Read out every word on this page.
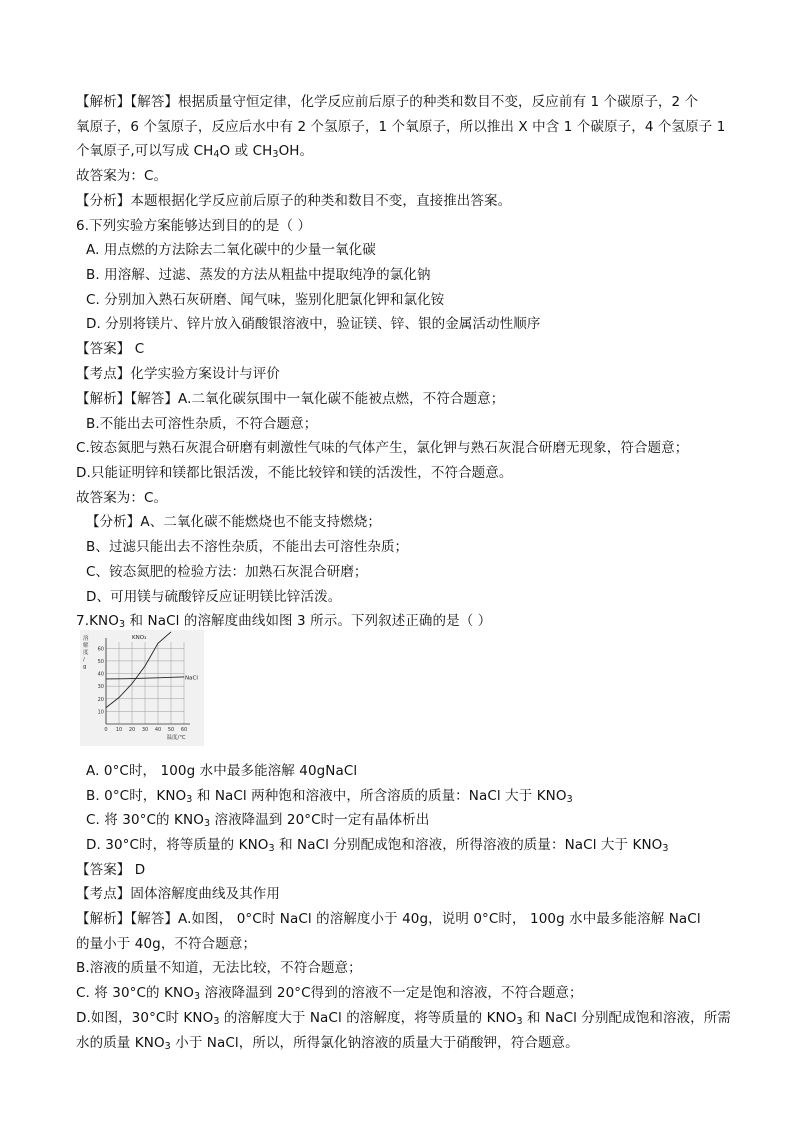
【解析】【解答】根据质量守恒定律，化学反应前后原子的种类和数目不变，反应前有 1 个碳原子，2 个
氧原子，6 个氢原子，反应后水中有 2 个氢原子，1 个氧原子，所以推出 X 中含 1 个碳原子，4 个氢原子 1
个氧原子,可以写成 $CH_4O$ 或 $CH_3OH$。
故答案为：C。
【分析】本题根据化学反应前后原子的种类和数目不变，直接推出答案。
6.下列实验方案能够达到目的的是（ ）
A. 用点燃的方法除去二氧化碳中的少量一氧化碳
B. 用溶解、过滤、蒸发的方法从粗盐中提取纯净的氯化钠
C. 分别加入熟石灰研磨、闻气味，鉴别化肥氯化钾和氯化铵
D. 分别将镁片、锌片放入硝酸银溶液中，验证镁、锌、银的金属活动性顺序
【答案】 C
【考点】化学实验方案设计与评价
【解析】【解答】A.二氧化碳氛围中一氧化碳不能被点燃，不符合题意；
B.不能出去可溶性杂质，不符合题意；
C.铵态氮肥与熟石灰混合研磨有刺激性气味的气体产生，氯化钾与熟石灰混合研磨无现象，符合题意；
D.只能证明锌和镁都比银活泼，不能比较锌和镁的活泼性，不符合题意。
故答案为：C。
【分析】A、二氧化碳不能燃烧也不能支持燃烧；
B、过滤只能出去不溶性杂质，不能出去可溶性杂质；
C、铵态氮肥的检验方法：加熟石灰混合研磨；
D、可用镁与硫酸锌反应证明镁比锌活泼。
$7.KNO_3$ 和 NaCl 的溶解度曲线如图 3 所示。下列叙述正确的是（ ）
A. 0°C时， 100g 水中最多能溶解 40gNaCl
B. 0°C时，$KNO_3$ 和 NaCl 两种饱和溶液中，所含溶质的质量：NaCl 大于 $KNO_3$
C. 将 30°C的 $KNO_3$ 溶液降温到 20°C时一定有晶体析出
D. 30°C时，将等质量的 $KNO_3$ 和 NaCl 分别配成饱和溶液，所得溶液的质量：NaCl 大于 $KNO_3$
【答案】 D
【考点】固体溶解度曲线及其作用
【解析】【解答】A.如图， 0°C时 NaCl 的溶解度小于 40g，说明 0°C时， 100g 水中最多能溶解 NaCl
的量小于 40g，不符合题意；
B.溶液的质量不知道，无法比较，不符合题意；
C. 将 30°C的 $KNO_3$ 溶液降温到 20°C得到的溶液不一定是饱和溶液，不符合题意；
D.如图，30°C时 $KNO_3$ 的溶解度大于 NaCl 的溶解度，将等质量的 $KNO_3$ 和 NaCl 分别配成饱和溶液，所需
水的质量 $KNO_3$ 小于 NaCl，所以，所得氯化钠溶液的质量大于硝酸钾，符合题意。
10
20
30
40
50
60
0 10 20 30 40 50 60
溶解度/ g
温度/℃
KNO₃
NaCl
